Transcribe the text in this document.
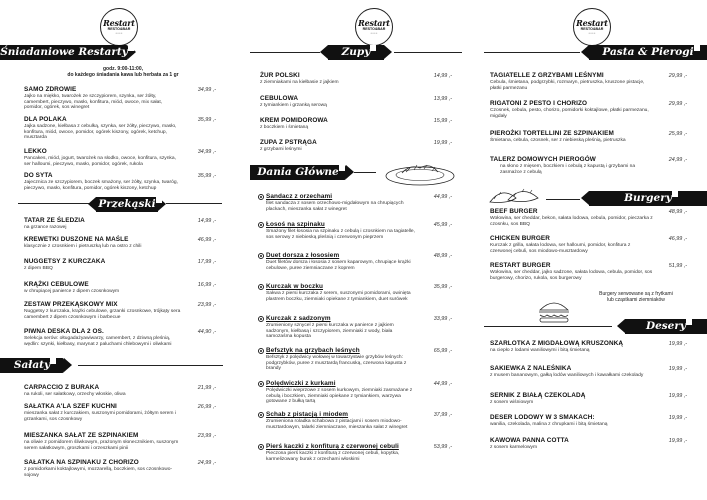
Restart
RESTO&BAR
• • • •
Śniadaniowe Restarty
godz. 9:00-11:00,
do każdego śniadania kawa lub herbata za 1 gr
SAMO ZDROWIE
Jajko na miękko, twarożek ze szczypiorem, szynka, ser żółty, camembert, pieczywo, masło, konfitura, miód, owoce, mix sałat, pomidor, ogórek, sos winegret
34,99 ,-
DLA POLAKA
Jajka sadzone, kiełbasa z cebulką, szynka, ser żółty, pieczywo, masło, konfitura, miód, owoce, pomidor, ogórek kiszony, ogórek, ketchup, musztarda
35,99 ,-
LEKKO
Pancakes, miód, jogurt, twarożek na słodko, owoce, konfitura, szynka, ser halloumi, pieczywo, masło, pomidor, ogórek, rukola
34,99 ,-
DO SYTA
Jajecznica ze szczypiorem, boczek smażony, ser żółty, szynka, twaróg, pieczywo, masło, konfitura, pomidor, ogórek kiszony, ketchup
35,99 ,-
Przekąski
TATAR ZE ŚLEDZIA
na grzance razowej
14,99 ,-
KREWETKI DUSZONE NA MAŚLE
klasycznie z czosnkiem i pietruszką lub na ostro z chili
46,99 ,-
NUGGETSY Z KURCZAKA
z dipem BBQ
17,99 ,-
KRĄŻKI CEBULOWE
w chrupiącej panierce z dipem czosnkowym
16,99 ,-
ZESTAW PRZEKĄSKOWY MIX
Nuggetsy z kurczaka, krążki cebulowe, grzanki czosnkowe, trójkąty sera camembert z dipem czosnkowym i barbecue
23,99 ,-
PIWNA DESKA DLA 2 OS.
Selekcja serów: ołtugadażyawiwarzy, camembert, z dziwną pleśnią, wędlin: szynki, kiełbasy, marynat z paluchami chlebowymi i oliwkami
44,90 ,-
Sałaty
CARPACCIO Z BURAKA
na rukoli, ser sałatkowy, orzechy włoskie, oliwa
21,99 ,-
SAŁATKA A'LA SZEF KUCHNI
mieszanka sałat z kurczakiem, suszonymi pomidorami, żółtym serem i grzankami, sos czosnkowy
26,99 ,-
MIESZANKA SAŁAT ZE SZPINAKIEM
na oliwie z pomidorem śliwkowym, prażonym słonecznikiem, suszonym serem sałatkowym, groszkami i orzeszkami pinii
23,99 ,-
SAŁATKA NA SZPINAKU Z CHORIZO
z pomidorkami koktajlowymi, mozzarellą, boczkiem, sos czosnkowo-sojowy
24,99 ,-
Restart
RESTO&BAR
• • • •
Zupy
ŻUR POLSKI
z ziemniakami na kiełbasie z jajkiem
14,99 ,-
CEBULOWA
z tymiankiem i grzanką serową
13,99 ,-
KREM POMIDOROWA
z boczkiem i śmietaną
15,99 ,-
ZUPA Z PSTRĄGA
z grzybami leśnymi
19,99 ,-
Dania Główne
Sandacz z orzechami
filet sandacza z sosem orzechowo-migdałowym na chrupiących plackach, mieszanka sałat z winegret
44,99 ,-
Łosoś na szpinaku
Smażony filet łososia na szpinaku z cebulą i czosnkiem na tagiatelle, sos serowy z niebieską pleśnią i czerwonym pieprzem
45,99 ,-
Duet dorsza z łososiem
Duet filetów dorsza i łososia z sosem kaparowym, chrupiące krążki cebulowe, puree ziemniaczane z koprem
48,99 ,-
Kurczak w boczku
Sakwa z piersi kurczaka z serem, suszonymi pomidorami, owinięta plastrem boczku, ziemniaki opiekane z tymiankiem, duet surówek
35,99 ,-
Kurczak z sadzonym
Zrumieniony sznycel z piersi kurczaka w panierce z jajkiem sadzonym, kiełbasą i szczypiorem, ziemniaki z wody, biała samozaśma kopusta
33,99 ,-
Befsztyk na grzybach leśnych
Befsztyk z polędwicy wołowej w towarzystwie grzybów leśnych: podgrzybków, puree z musztardą francuską, czerwona kapusta z brandy
65,99 ,-
Polędwiczki z kurkami
Polędwiczki wieprzowe z sosem kurkowym, ziemniaki zasmażane z cebulą i boczkiem, ziemniaki opiekane z tymiankiem, warzywa gotowane z bułką tartą
44,99 ,-
Schab z pistacją i miodem
Zrumieniona roladka schabowa z pistacjami i sosem miodowo-musztardowym, talarki ziemniaczane, mieszanka sałat z winegret
37,99 ,-
Pierś kaczki z konfiturą z czerwonej cebuli
Pieczona pierś kaczki z konfiturą z czerwonej cebuli, kopytka, karmelizowany burak z orzechami włoskimi
53,99 ,-
Restart
RESTO&BAR
• • • •
Pasta & Pierogi
TAGIATELLE Z GRZYBAMI LEŚNYMI
Cebula, śmietana, podgrzybki, rozmaryn, pietruszka, kruszone pistacje, płatki parmezanu
29,99 ,-
RIGATONI Z PESTO I CHORIZO
Czosnek, cebula, pesto, chorizo, pomidorki koktajlowe, płatki parmezanu, migdały
29,99 ,-
PIEROŻKI TORTELLINI ZE SZPINAKIEM
Śmietana, cebula, czosnek, ser z niebieską pleśnią, pietruszka
25,99 ,-
TALERZ DOMOWYCH PIEROGÓW
na słono z mięsem, boczkiem i cebulą z kapustą i grzybami na zasmażce z cebulą
24,99 ,-
Burgery
BEEF BURGER
Wołowina, ser cheddar, bekon, sałata lodowa, cebula, pomidor, pieczarka z czosnku, sos BBQ
48,99 ,-
CHICKEN BURGER
Kurczak z grilla, sałata lodowa, ser halloumi, pomidor, konfitura z czerwonej cebuli, sos miodowo-musztardowy
46,99 ,-
RESTART BURGER
Wołowina, ser cheddar, jajko sadzone, sałata lodowa, cebula, pomidor, sos burgerowy, chorizo, rukola, sos burgerowy
51,99 ,-
Burgery serwowane są z frytkami
lub cząstkami ziemniaków
Desery
SZARLOTKA Z MIGDAŁOWĄ KRUSZONKĄ
na ciepło z lodami waniliowymi i bitą śmietaną
19,99 ,-
SAKIEWKA Z NALEŚNIKA
z musem bananowym, gałką lodów waniliowych i kawałkami czekolady
19,99 ,-
SERNIK Z BIAŁĄ CZEKOLADĄ
z sosem wiśniowym
19,99 ,-
DESER LODOWY W 3 SMAKACH:
wanilia, czekolada, malina z chrupkami i bitą śmietaną
19,99 ,-
KAWOWA PANNA COTTA
z sosem karmelowym
19,99 ,-
